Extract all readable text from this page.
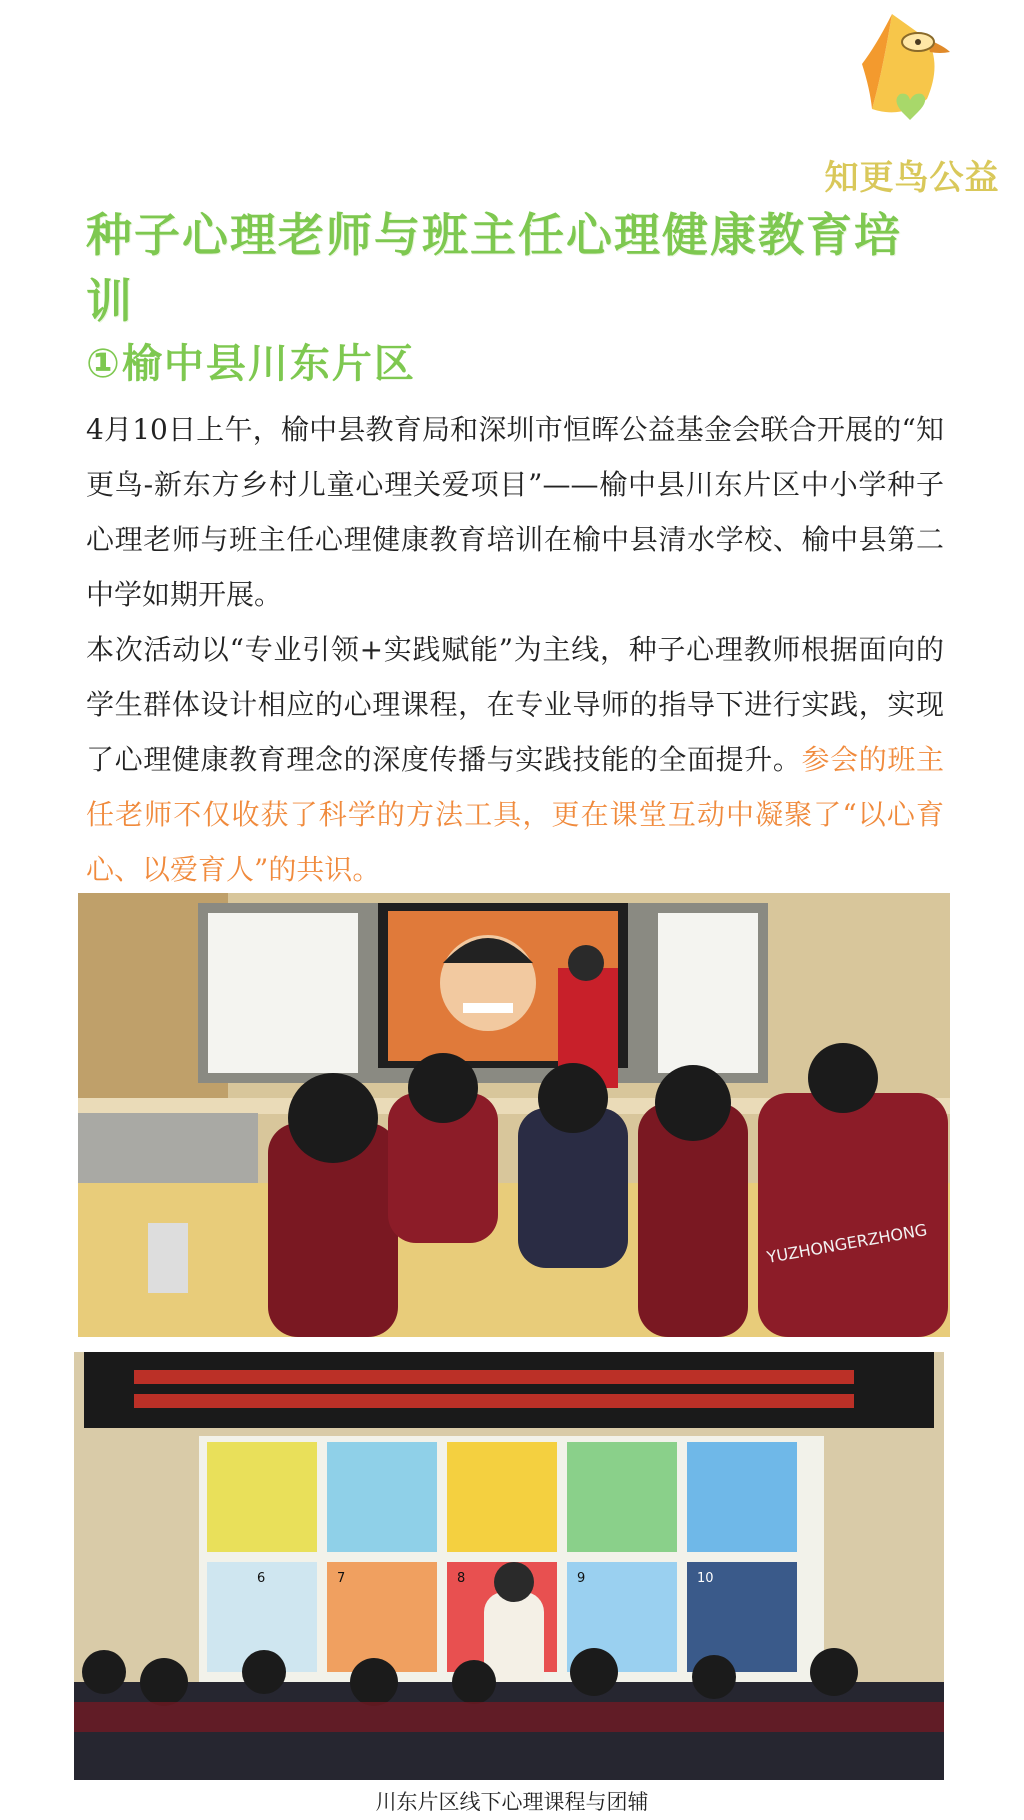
知更鸟公益
种子心理老师与班主任心理健康教育培训
①榆中县川东片区

4月10日上午，榆中县教育局和深圳市恒晖公益基金会联合开展的“知更鸟-新东方乡村儿童心理关爱项目”——榆中县川东片区中小学种子心理老师与班主任心理健康教育培训在榆中县清水学校、榆中县第二中学如期开展。

本次活动以“专业引领+实践赋能”为主线，种子心理教师根据面向的学生群体设计相应的心理课程，在专业导师的指导下进行实践，实现了心理健康教育理念的深度传播与实践技能的全面提升。参会的班主任老师不仅收获了科学的方法工具，更在课堂互动中凝聚了“以心育心、以爱育人”的共识。

YUZHONGERZHONG
6	7	8	9	10
川东片区线下心理课程与团辅
